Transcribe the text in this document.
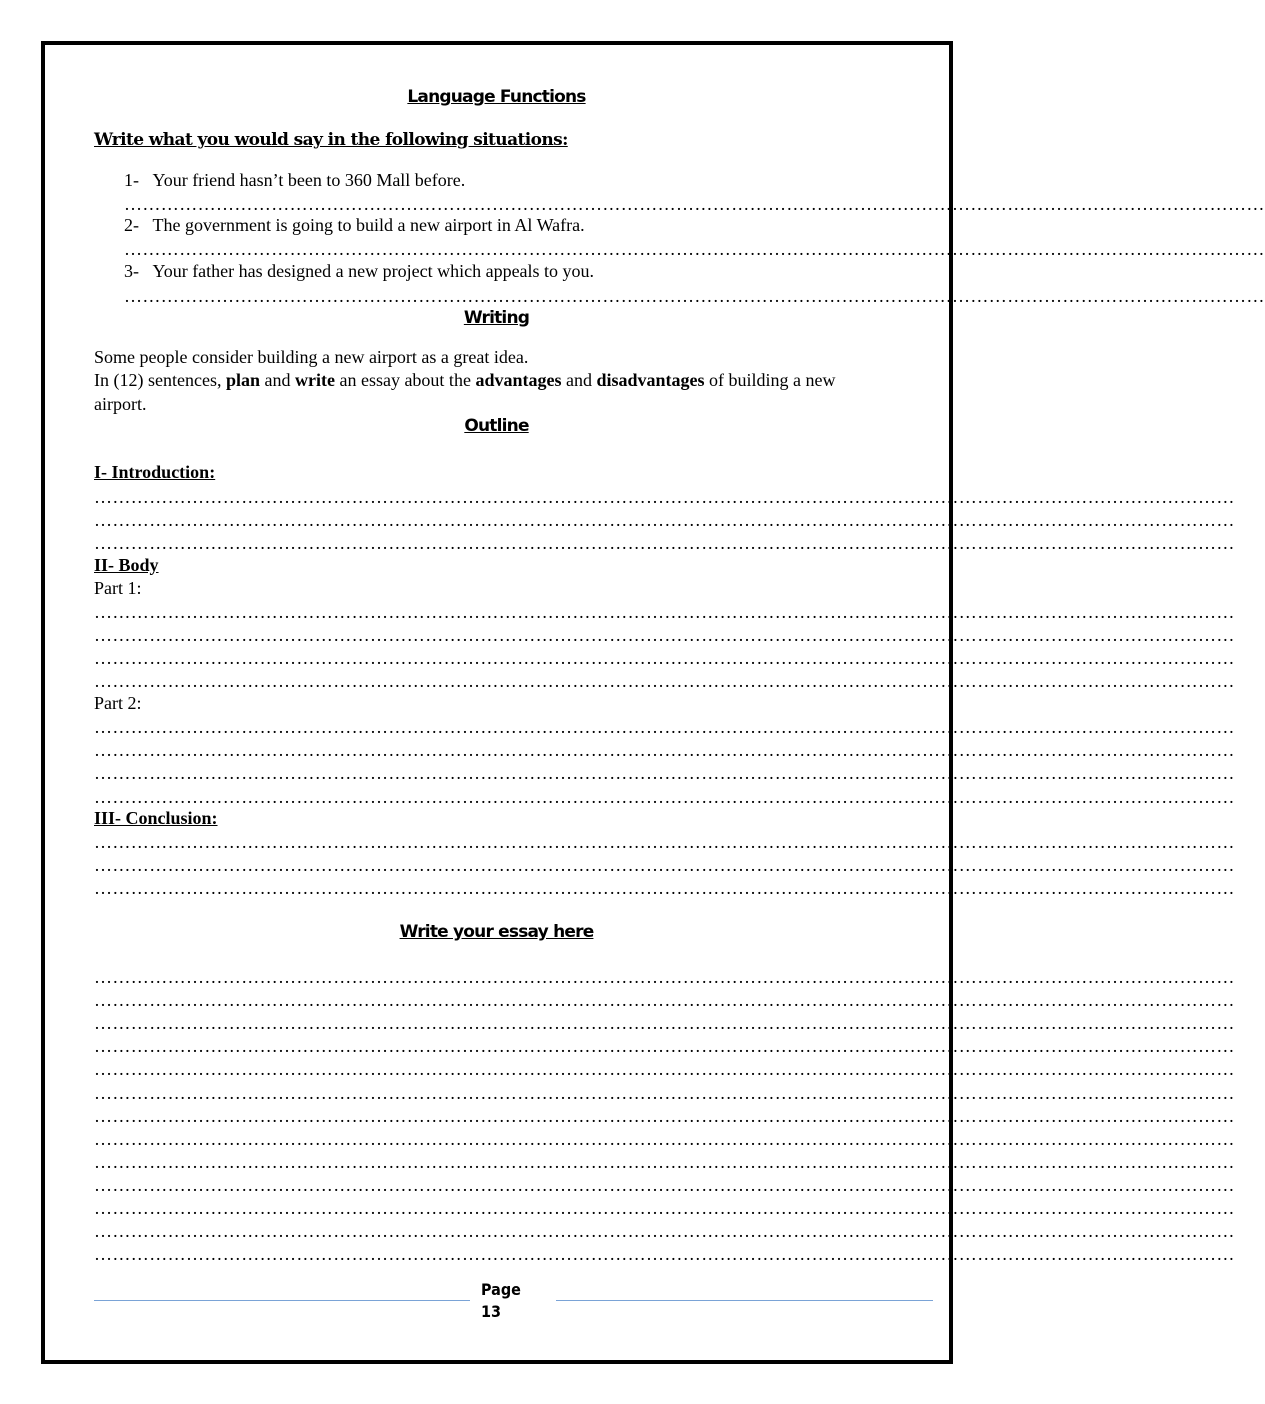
Language Functions
Write what you would say in the following situations:
1- Your friend hasn’t been to 360 Mall before.
2- The government is going to build a new airport in Al Wafra.
3- Your father has designed a new project which appeals to you.
Writing
Some people consider building a new airport as a great idea.
In (12) sentences, plan and write an essay about the advantages and disadvantages of building a new
airport.
Outline
I- Introduction:
II- Body
Part 1:
Part 2:
III- Conclusion:
Write your essay here
……………………………………………………………………………………………………………………………………………………………………
……………………………………………………………………………………………………………………………………………………………………
……………………………………………………………………………………………………………………………………………………………………
……………………………………………………………………………………………………………………………………………………………………
……………………………………………………………………………………………………………………………………………………………………
……………………………………………………………………………………………………………………………………………………………………
……………………………………………………………………………………………………………………………………………………………………
……………………………………………………………………………………………………………………………………………………………………
……………………………………………………………………………………………………………………………………………………………………
……………………………………………………………………………………………………………………………………………………………………
……………………………………………………………………………………………………………………………………………………………………
……………………………………………………………………………………………………………………………………………………………………
……………………………………………………………………………………………………………………………………………………………………
……………………………………………………………………………………………………………………………………………………………………
……………………………………………………………………………………………………………………………………………………………………
……………………………………………………………………………………………………………………………………………………………………
……………………………………………………………………………………………………………………………………………………………………
……………………………………………………………………………………………………………………………………………………………………
……………………………………………………………………………………………………………………………………………………………………
……………………………………………………………………………………………………………………………………………………………………
……………………………………………………………………………………………………………………………………………………………………
……………………………………………………………………………………………………………………………………………………………………
……………………………………………………………………………………………………………………………………………………………………
……………………………………………………………………………………………………………………………………………………………………
……………………………………………………………………………………………………………………………………………………………………
……………………………………………………………………………………………………………………………………………………………………
……………………………………………………………………………………………………………………………………………………………………
……………………………………………………………………………………………………………………………………………………………………
……………………………………………………………………………………………………………………………………………………………………
……………………………………………………………………………………………………………………………………………………………………
Page
13
